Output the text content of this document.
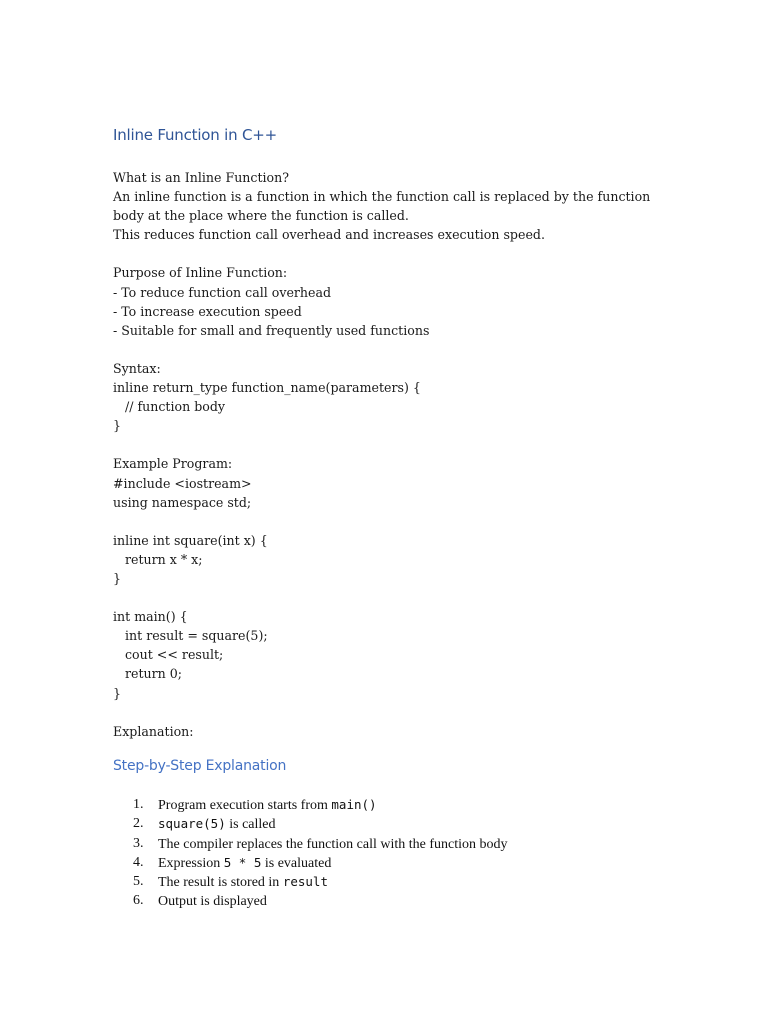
Inline Function in C++
What is an Inline Function?
An inline function is a function in which the function call is replaced by the function body at the place where the function is called.
This reduces function call overhead and increases execution speed.
Purpose of Inline Function:
- To reduce function call overhead
- To increase execution speed
- Suitable for small and frequently used functions
Syntax:
inline return_type function_name(parameters) {
// function body
}
Example Program:
#include <iostream>
using namespace std;
inline int square(int x) {
return x * x;
}
int main() {
int result = square(5);
cout << result;
return 0;
}
Explanation:
Step-by-Step Explanation
1. Program execution starts from main()
2. square(5) is called
3. The compiler replaces the function call with the function body
4. Expression 5 * 5 is evaluated
5. The result is stored in result
6. Output is displayed
